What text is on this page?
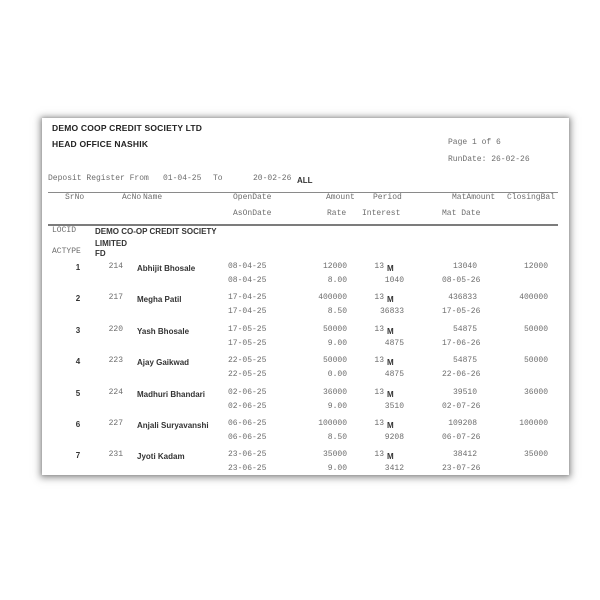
DEMO COOP CREDIT SOCIETY LTD
HEAD OFFICE NASHIK	Page 1 of 6
RunDate: 26-02-26
Deposit Register From 01-04-25 To	20-02-26 ALL
SrNo	AcNo Name	OpenDate	Amount Period	MatAmount ClosingBal
AsOnDate	Rate Interest	Mat Date
LOCID DEMO CO-OP CREDIT SOCIETY
LIMITED
ACTYPE FD
1	214 Abhijit Bhosale	08-04-25	12000	13 M	13040	12000
08-04-25	8.00	1040	08-05-26
2	217 Megha Patil	17-04-25	400000	13 M	436833	400000
17-04-25	8.50	36833	17-05-26
3	220 Yash Bhosale	17-05-25	50000	13 M	54875	50000
17-05-25	9.00	4875	17-06-26
4	223 Ajay Gaikwad	22-05-25	50000	13 M	54875	50000
22-05-25	0.00	4875	22-06-26
5	224 Madhuri Bhandari	02-06-25	36000	13 M	39510	36000
02-06-25	9.00	3510	02-07-26
6	227 Anjali Suryavanshi 06-06-25	100000	13 M	109208	100000
06-06-25	8.50	9208	06-07-26
7	231 Jyoti Kadam	23-06-25	35000	13 M	38412	35000
23-06-25	9.00	3412	23-07-26
